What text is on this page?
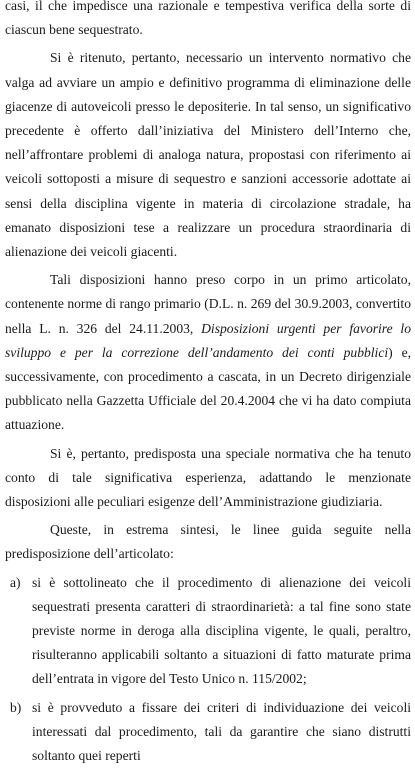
casi, il che impedisce una razionale e tempestiva verifica della sorte di ciascun bene sequestrato.

Si è ritenuto, pertanto, necessario un intervento normativo che valga ad avviare un ampio e definitivo programma di eliminazione delle giacenze di autoveicoli presso le depositerie. In tal senso, un significativo precedente è offerto dall’iniziativa del Ministero dell’Interno che, nell’affrontare problemi di analoga natura, propostasi con riferimento ai veicoli sottoposti a misure di sequestro e sanzioni accessorie adottate ai sensi della disciplina vigente in materia di circolazione stradale, ha emanato disposizioni tese a realizzare un procedura straordinaria di alienazione dei veicoli giacenti.

Tali disposizioni hanno preso corpo in un primo articolato, contenente norme di rango primario (D.L. n. 269 del 30.9.2003, convertito nella L. n. 326 del 24.11.2003, Disposizioni urgenti per favorire lo sviluppo e per la correzione dell’andamento dei conti pubblici) e, successivamente, con procedimento a cascata, in un Decreto dirigenziale pubblicato nella Gazzetta Ufficiale del 20.4.2004 che vi ha dato compiuta attuazione.

Si è, pertanto, predisposta una speciale normativa che ha tenuto conto di tale significativa esperienza, adattando le menzionate disposizioni alle peculiari esigenze dell’Amministrazione giudiziaria.

Queste, in estrema sintesi, le linee guida seguite nella predisposizione dell’articolato:

a) si è sottolineato che il procedimento di alienazione dei veicoli sequestrati presenta caratteri di straordinarietà: a tal fine sono state previste norme in deroga alla disciplina vigente, le quali, peraltro, risulteranno applicabili soltanto a situazioni di fatto maturate prima dell’entrata in vigore del Testo Unico n. 115/2002;
b) si è provveduto a fissare dei criteri di individuazione dei veicoli interessati dal procedimento, tali da garantire che siano distrutti soltanto quei reperti
